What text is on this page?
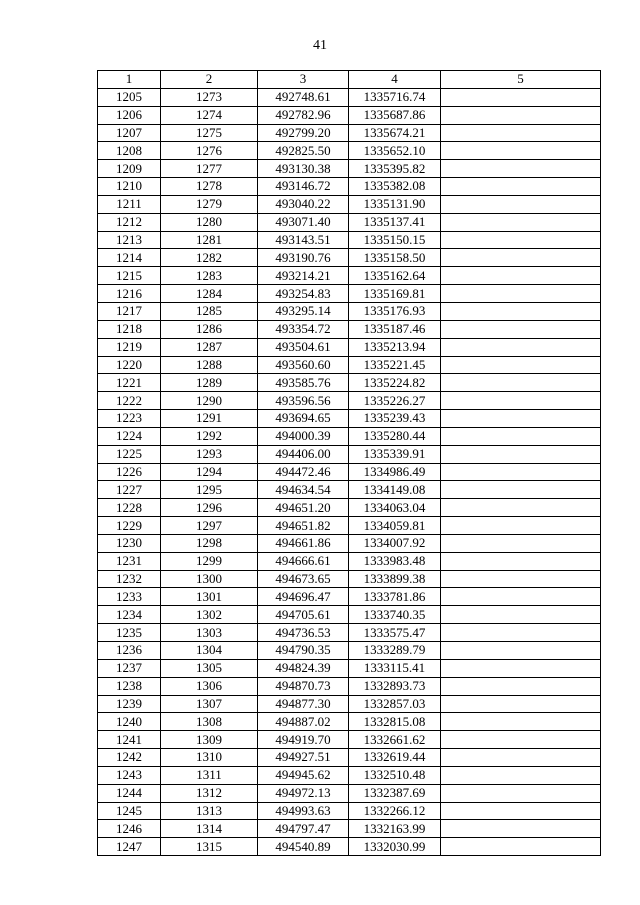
41
1	2	3	4	5
1205	1273	492748.61	1335716.74	
1206	1274	492782.96	1335687.86	
1207	1275	492799.20	1335674.21	
1208	1276	492825.50	1335652.10	
1209	1277	493130.38	1335395.82	
1210	1278	493146.72	1335382.08	
1211	1279	493040.22	1335131.90	
1212	1280	493071.40	1335137.41	
1213	1281	493143.51	1335150.15	
1214	1282	493190.76	1335158.50	
1215	1283	493214.21	1335162.64	
1216	1284	493254.83	1335169.81	
1217	1285	493295.14	1335176.93	
1218	1286	493354.72	1335187.46	
1219	1287	493504.61	1335213.94	
1220	1288	493560.60	1335221.45	
1221	1289	493585.76	1335224.82	
1222	1290	493596.56	1335226.27	
1223	1291	493694.65	1335239.43	
1224	1292	494000.39	1335280.44	
1225	1293	494406.00	1335339.91	
1226	1294	494472.46	1334986.49	
1227	1295	494634.54	1334149.08	
1228	1296	494651.20	1334063.04	
1229	1297	494651.82	1334059.81	
1230	1298	494661.86	1334007.92	
1231	1299	494666.61	1333983.48	
1232	1300	494673.65	1333899.38	
1233	1301	494696.47	1333781.86	
1234	1302	494705.61	1333740.35	
1235	1303	494736.53	1333575.47	
1236	1304	494790.35	1333289.79	
1237	1305	494824.39	1333115.41	
1238	1306	494870.73	1332893.73	
1239	1307	494877.30	1332857.03	
1240	1308	494887.02	1332815.08	
1241	1309	494919.70	1332661.62	
1242	1310	494927.51	1332619.44	
1243	1311	494945.62	1332510.48	
1244	1312	494972.13	1332387.69	
1245	1313	494993.63	1332266.12	
1246	1314	494797.47	1332163.99	
1247	1315	494540.89	1332030.99	
